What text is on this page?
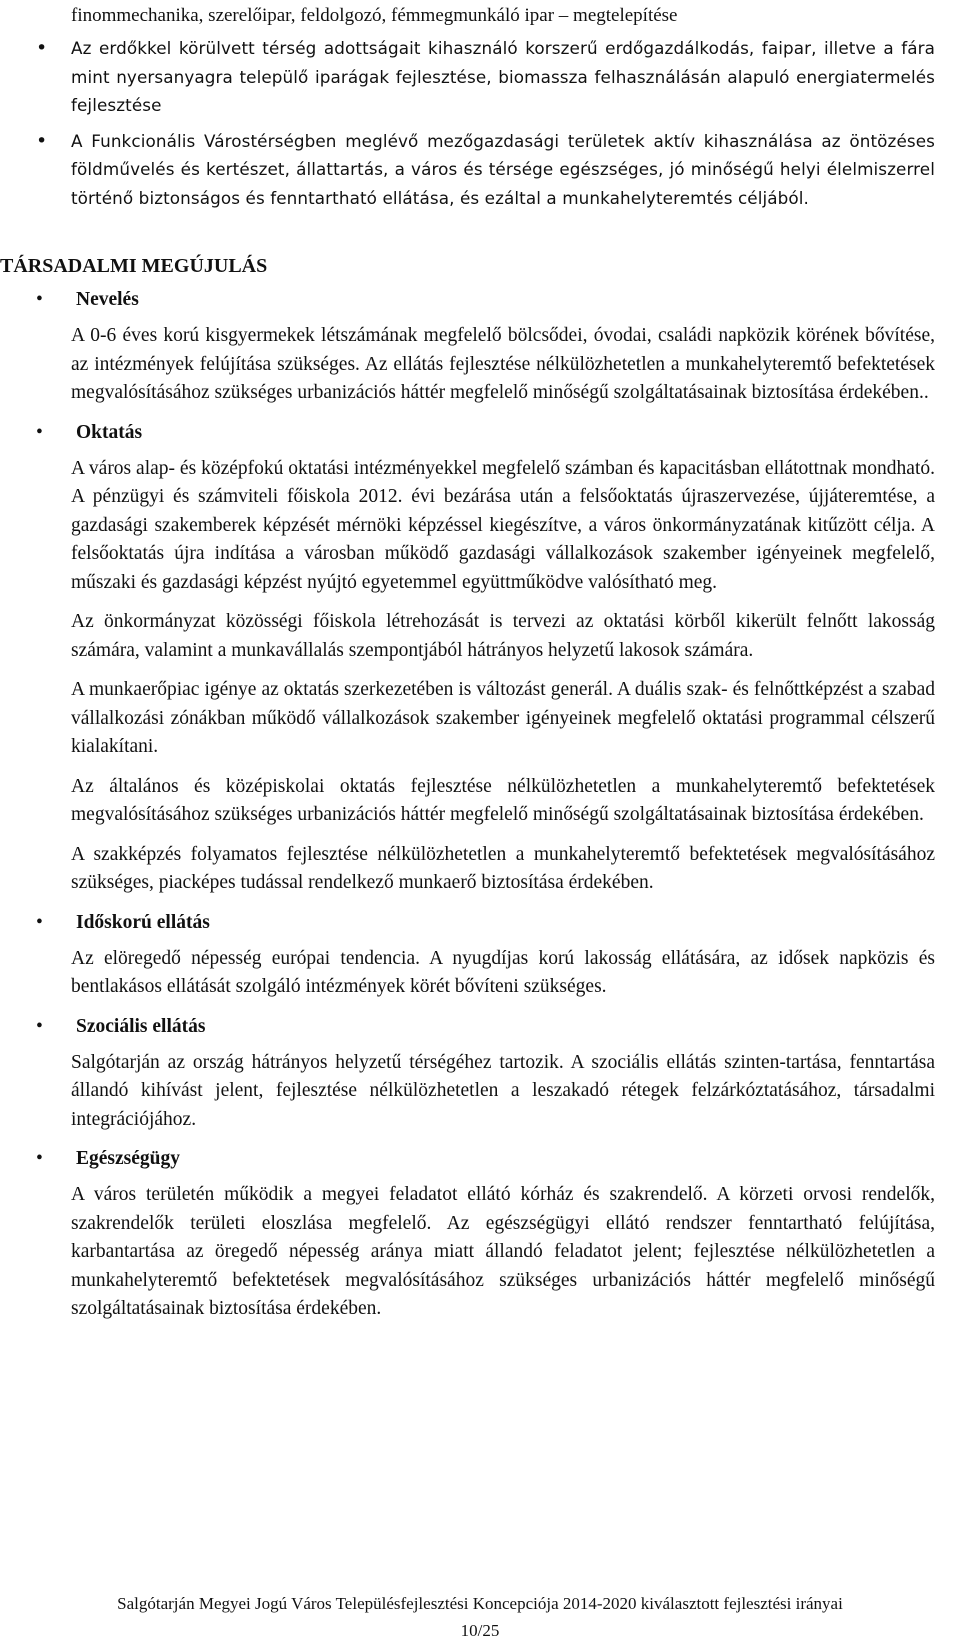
finommechanika, szerelőipar, feldolgozó, fémmegmunkáló ipar – megtelepítése
• Az erdőkkel körülvett térség adottságait kihasználó korszerű erdőgazdálkodás, faipar, illetve a fára mint nyersanyagra települő iparágak fejlesztése, biomassza felhasználásán alapuló energiatermelés fejlesztése
• A Funkcionális Várostérségben meglévő mezőgazdasági területek aktív kihasználása az öntözéses földművelés és kertészet, állattartás, a város és térsége egészséges, jó minőségű helyi élelmiszerrel történő biztonságos és fenntartható ellátása, és ezáltal a munkahelyteremtés céljából.
TÁRSADALMI MEGÚJULÁS
• Nevelés

A 0-6 éves korú kisgyermekek létszámának megfelelő bölcsődei, óvodai, családi napközik körének bővítése, az intézmények felújítása szükséges. Az ellátás fejlesztése nélkülözhetetlen a munkahelyteremtő befektetések megvalósításához szükséges urbanizációs háttér megfelelő minőségű szolgáltatásainak biztosítása érdekében..

• Oktatás

A város alap- és középfokú oktatási intézményekkel megfelelő számban és kapacitásban ellátottnak mondható. A pénzügyi és számviteli főiskola 2012. évi bezárása után a felsőoktatás újraszervezése, újjáteremtése, a gazdasági szakemberek képzését mérnöki képzéssel kiegészítve, a város önkormányzatának kitűzött célja. A felsőoktatás újra indítása a városban működő gazdasági vállalkozások szakember igényeinek megfelelő, műszaki és gazdasági képzést nyújtó egyetemmel együttműködve valósítható meg.

Az önkormányzat közösségi főiskola létrehozását is tervezi az oktatási körből kikerült felnőtt lakosság számára, valamint a munkavállalás szempontjából hátrányos helyzetű lakosok számára.

A munkaerőpiac igénye az oktatás szerkezetében is változást generál. A duális szak- és felnőttképzést a szabad vállalkozási zónákban működő vállalkozások szakember igényeinek megfelelő oktatási programmal célszerű kialakítani.

Az általános és középiskolai oktatás fejlesztése nélkülözhetetlen a munkahelyteremtő befektetések megvalósításához szükséges urbanizációs háttér megfelelő minőségű szolgáltatásainak biztosítása érdekében.

A szakképzés folyamatos fejlesztése nélkülözhetetlen a munkahelyteremtő befektetések megvalósításához szükséges, piacképes tudással rendelkező munkaerő biztosítása érdekében.

• Időskorú ellátás

Az elöregedő népesség európai tendencia. A nyugdíjas korú lakosság ellátására, az idősek napközis és bentlakásos ellátását szolgáló intézmények körét bővíteni szükséges.

• Szociális ellátás

Salgótarján az ország hátrányos helyzetű térségéhez tartozik. A szociális ellátás szinten-tartása, fenntartása állandó kihívást jelent, fejlesztése nélkülözhetetlen a leszakadó rétegek felzárkóztatásához, társadalmi integrációjához.

• Egészségügy

A város területén működik a megyei feladatot ellátó kórház és szakrendelő. A körzeti orvosi rendelők, szakrendelők területi eloszlása megfelelő. Az egészségügyi ellátó rendszer fenntartható felújítása, karbantartása az öregedő népesség aránya miatt állandó feladatot jelent; fejlesztése nélkülözhetetlen a munkahelyteremtő befektetések megvalósításához szükséges urbanizációs háttér megfelelő minőségű szolgáltatásainak biztosítása érdekében.

Salgótarján Megyei Jogú Város Településfejlesztési Koncepciója 2014-2020 kiválasztott fejlesztési irányai
10/25
